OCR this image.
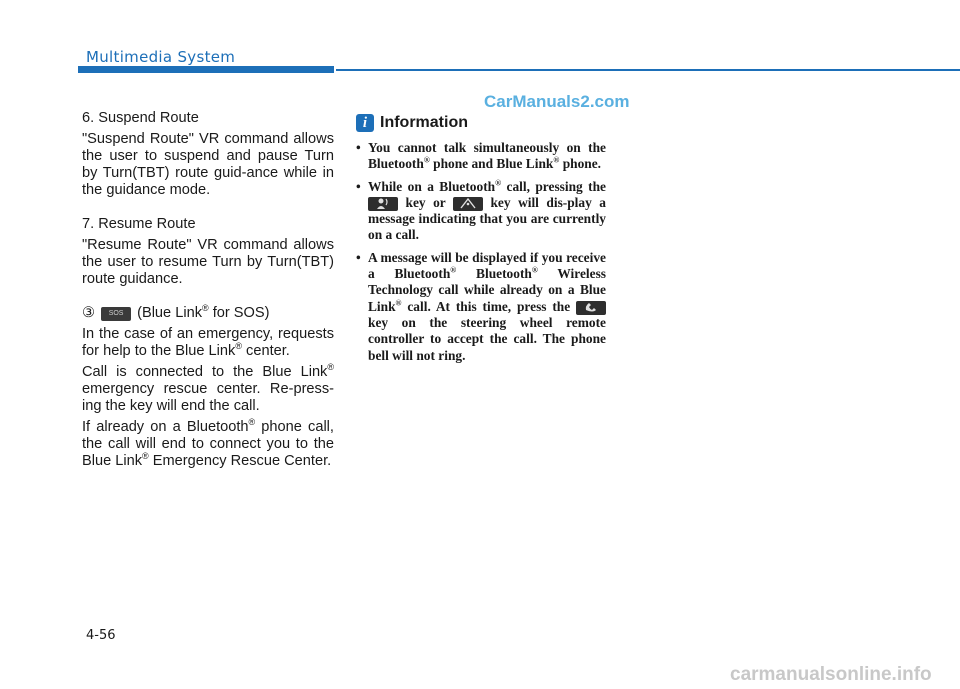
Multimedia System
CarManuals2.com

6. Suspend Route

"Suspend Route" VR command allows the user to suspend and pause Turn by Turn(TBT) route guid-ance while in the guidance mode.

7. Resume Route

"Resume Route" VR command allows the user to resume Turn by Turn(TBT) route guidance.

③	SOS (Blue Link® for SOS)

In the case of an emergency, requests for help to the Blue Link® center.

Call is connected to the Blue Link® emergency rescue center. Re-press-ing the key will end the call.

If already on a Bluetooth® phone call, the call will end to connect you to the Blue Link® Emergency Rescue Center.

i Information
• You cannot talk simultaneously on the Bluetooth® phone and Blue Link® phone.
• While on a Bluetooth® call, pressing the  key or  key will dis-play a message indicating that you are currently on a call.
• A message will be displayed if you receive a Bluetooth® Bluetooth® Wireless Technology call while already on a Blue Link® call. At this time, press the  key on the steering wheel remote controller to accept the call. The phone bell will not ring.
4-56
carmanualsonline.info
